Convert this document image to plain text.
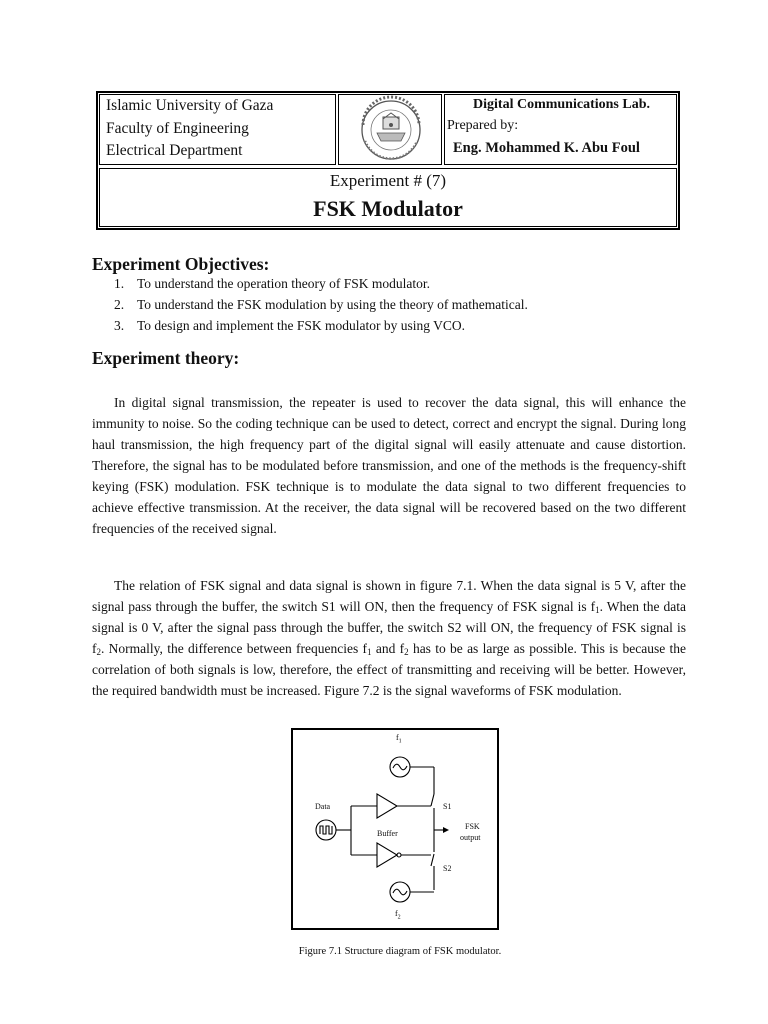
Islamic University of Gaza
Faculty of Engineering
Electrical Department
Digital Communications Lab.
Prepared by:
Eng. Mohammed K. Abu Foul
Experiment # (7)
FSK Modulator
Experiment Objectives:
1. To understand the operation theory of FSK modulator.
2. To understand the FSK modulation by using the theory of mathematical.
3. To design and implement the FSK modulator by using VCO.
Experiment theory:
In digital signal transmission, the repeater is used to recover the data signal, this will enhance the immunity to noise. So the coding technique can be used to detect, correct and encrypt the signal. During long haul transmission, the high frequency part of the digital signal will easily attenuate and cause distortion. Therefore, the signal has to be modulated before transmission, and one of the methods is the frequency-shift keying (FSK) modulation. FSK technique is to modulate the data signal to two different frequencies to achieve effective transmission. At the receiver, the data signal will be recovered based on the two different frequencies of the received signal.
The relation of FSK signal and data signal is shown in figure 7.1. When the data signal is 5 V, after the signal pass through the buffer, the switch S1 will ON, then the frequency of FSK signal is $f_1$. When the data signal is 0 V, after the signal pass through the buffer, the switch S2 will ON, the frequency of FSK signal is $f_2$. Normally, the difference between frequencies $f_1$ and $f_2$ has to be as large as possible. This is because the correlation of both signals is low, therefore, the effect of transmitting and receiving will be better. However, the required bandwidth must be increased. Figure 7.2 is the signal waveforms of FSK modulation.
$f_1$
Data	S1
Buffer
FSK
output
S2
$f_2$
Figure 7.1 Structure diagram of FSK modulator.
